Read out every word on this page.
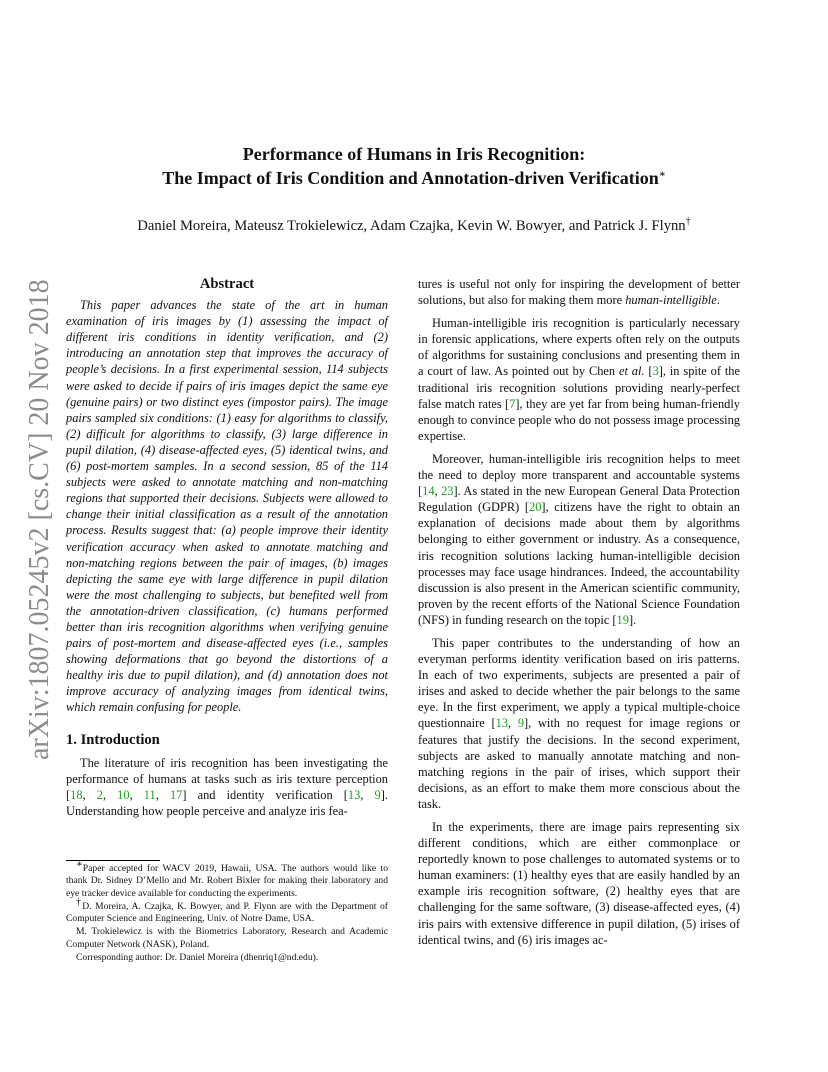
Performance of Humans in Iris Recognition:
The Impact of Iris Condition and Annotation-driven Verification∗
Daniel Moreira, Mateusz Trokielewicz, Adam Czajka, Kevin W. Bowyer, and Patrick J. Flynn†
arXiv:1807.05245v2 [cs.CV] 20 Nov 2018	Abstract

This paper advances the state of the art in human examination of iris images by (1) assessing the impact of different iris conditions in identity verification, and (2) introducing an annotation step that improves the accuracy of people’s decisions. In a first experimental session, 114 subjects were asked to decide if pairs of iris images depict the same eye (genuine pairs) or two distinct eyes (impostor pairs). The image pairs sampled six conditions: (1) easy for algorithms to classify, (2) difficult for algorithms to classify, (3) large difference in pupil dilation, (4) disease-affected eyes, (5) identical twins, and (6) post-mortem samples. In a second session, 85 of the 114 subjects were asked to annotate matching and non-matching regions that supported their decisions. Subjects were allowed to change their initial classification as a result of the annotation process. Results suggest that: (a) people improve their identity verification accuracy when asked to annotate matching and non-matching regions between the pair of images, (b) images depicting the same eye with large difference in pupil dilation were the most challenging to subjects, but benefited well from the annotation-driven classification, (c) humans performed better than iris recognition algorithms when verifying genuine pairs of post-mortem and disease-affected eyes (i.e., samples showing deformations that go beyond the distortions of a healthy iris due to pupil dilation), and (d) annotation does not improve accuracy of analyzing images from identical twins, which remain confusing for people.

1. Introduction

The literature of iris recognition has been investigating the performance of humans at tasks such as iris texture perception [18, 2, 10, 11, 17] and identity verification [13, 9]. Understanding how people perceive and analyze iris fea-

∗Paper accepted for WACV 2019, Hawaii, USA. The authors would like to thank Dr. Sidney D’Mello and Mr. Robert Bixler for making their laboratory and eye tracker device available for conducting the experiments.

†D. Moreira, A. Czajka, K. Bowyer, and P. Flynn are with the Department of Computer Science and Engineering, Univ. of Notre Dame, USA.

M. Trokielewicz is with the Biometrics Laboratory, Research and Academic Computer Network (NASK), Poland.

Corresponding author: Dr. Daniel Moreira (dhenriq1@nd.edu).

tures is useful not only for inspiring the development of better solutions, but also for making them more human-intelligible.

Human-intelligible iris recognition is particularly necessary in forensic applications, where experts often rely on the outputs of algorithms for sustaining conclusions and presenting them in a court of law. As pointed out by Chen et al. [3], in spite of the traditional iris recognition solutions providing nearly-perfect false match rates [7], they are yet far from being human-friendly enough to convince people who do not possess image processing expertise.

Moreover, human-intelligible iris recognition helps to meet the need to deploy more transparent and accountable systems [14, 23]. As stated in the new European General Data Protection Regulation (GDPR) [20], citizens have the right to obtain an explanation of decisions made about them by algorithms belonging to either government or industry. As a consequence, iris recognition solutions lacking human-intelligible decision processes may face usage hindrances. Indeed, the accountability discussion is also present in the American scientific community, proven by the recent efforts of the National Science Foundation (NFS) in funding research on the topic [19].

This paper contributes to the understanding of how an everyman performs identity verification based on iris patterns. In each of two experiments, subjects are presented a pair of irises and asked to decide whether the pair belongs to the same eye. In the first experiment, we apply a typical multiple-choice questionnaire [13, 9], with no request for image regions or features that justify the decisions. In the second experiment, subjects are asked to manually annotate matching and non-matching regions in the pair of irises, which support their decisions, as an effort to make them more conscious about the task.

In the experiments, there are image pairs representing six different conditions, which are either commonplace or reportedly known to pose challenges to automated systems or to human examiners: (1) healthy eyes that are easily handled by an example iris recognition software, (2) healthy eyes that are challenging for the same software, (3) disease-affected eyes, (4) iris pairs with extensive difference in pupil dilation, (5) irises of identical twins, and (6) iris images ac-
